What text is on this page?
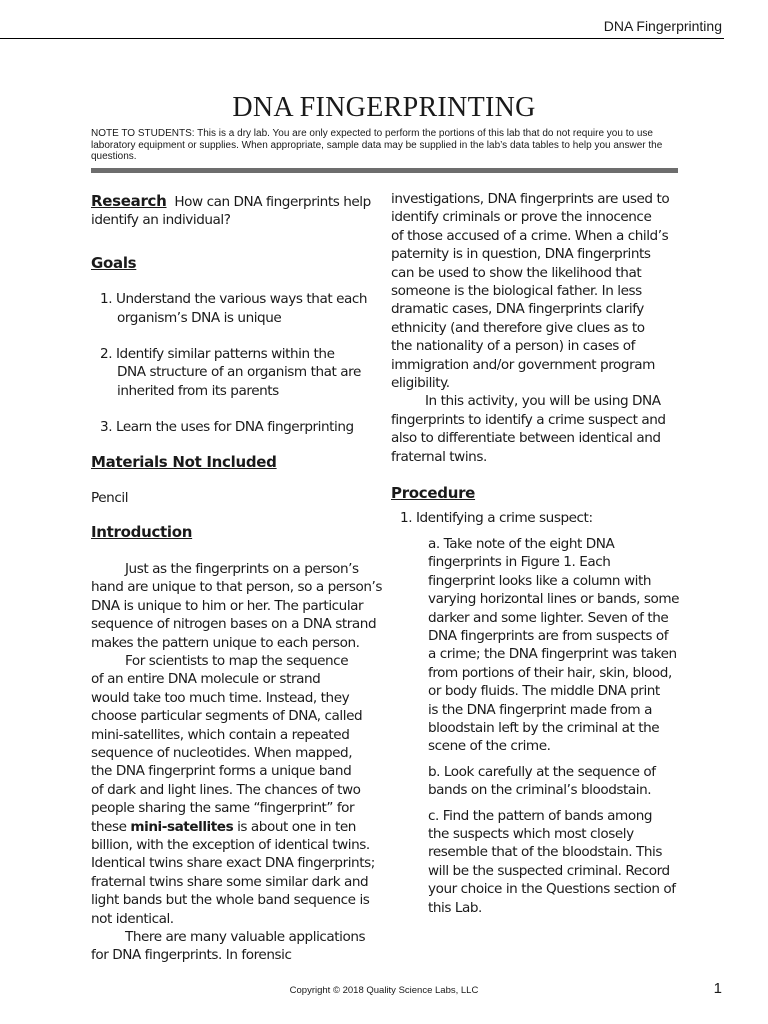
DNA Fingerprinting
DNA FINGERPRINTING
NOTE TO STUDENTS: This is a dry lab. You are only expected to perform the portions of this lab that do not require you to use laboratory equipment or supplies. When appropriate, sample data may be supplied in the lab’s data tables to help you answer the questions.
Research How can DNA fingerprints help
identify an individual?
Goals
1. Understand the various ways that each
organism’s DNA is unique
2. Identify similar patterns within the
DNA structure of an organism that are
inherited from its parents
3. Learn the uses for DNA fingerprinting
Materials Not Included
Pencil
Introduction
Just as the fingerprints on a person’s
hand are unique to that person, so a person’s
DNA is unique to him or her. The particular
sequence of nitrogen bases on a DNA strand
makes the pattern unique to each person.
For scientists to map the sequence
of an entire DNA molecule or strand
would take too much time. Instead, they
choose particular segments of DNA, called
mini-satellites, which contain a repeated
sequence of nucleotides. When mapped,
the DNA fingerprint forms a unique band
of dark and light lines. The chances of two
people sharing the same “fingerprint” for
these mini-satellites is about one in ten
billion, with the exception of identical twins.
Identical twins share exact DNA fingerprints;
fraternal twins share some similar dark and
light bands but the whole band sequence is
not identical.
There are many valuable applications
for DNA fingerprints. In forensic
investigations, DNA fingerprints are used to
identify criminals or prove the innocence
of those accused of a crime. When a child’s
paternity is in question, DNA fingerprints
can be used to show the likelihood that
someone is the biological father. In less
dramatic cases, DNA fingerprints clarify
ethnicity (and therefore give clues as to
the nationality of a person) in cases of
immigration and/or government program
eligibility.
In this activity, you will be using DNA
fingerprints to identify a crime suspect and
also to differentiate between identical and
fraternal twins.
Procedure
1. Identifying a crime suspect:
a. Take note of the eight DNA
fingerprints in Figure 1. Each
fingerprint looks like a column with
varying horizontal lines or bands, some
darker and some lighter. Seven of the
DNA fingerprints are from suspects of
a crime; the DNA fingerprint was taken
from portions of their hair, skin, blood,
or body fluids. The middle DNA print
is the DNA fingerprint made from a
bloodstain left by the criminal at the
scene of the crime.
b. Look carefully at the sequence of
bands on the criminal’s bloodstain.
c. Find the pattern of bands among
the suspects which most closely
resemble that of the bloodstain. This
will be the suspected criminal. Record
your choice in the Questions section of
this Lab.
Copyright © 2018 Quality Science Labs, LLC	1
